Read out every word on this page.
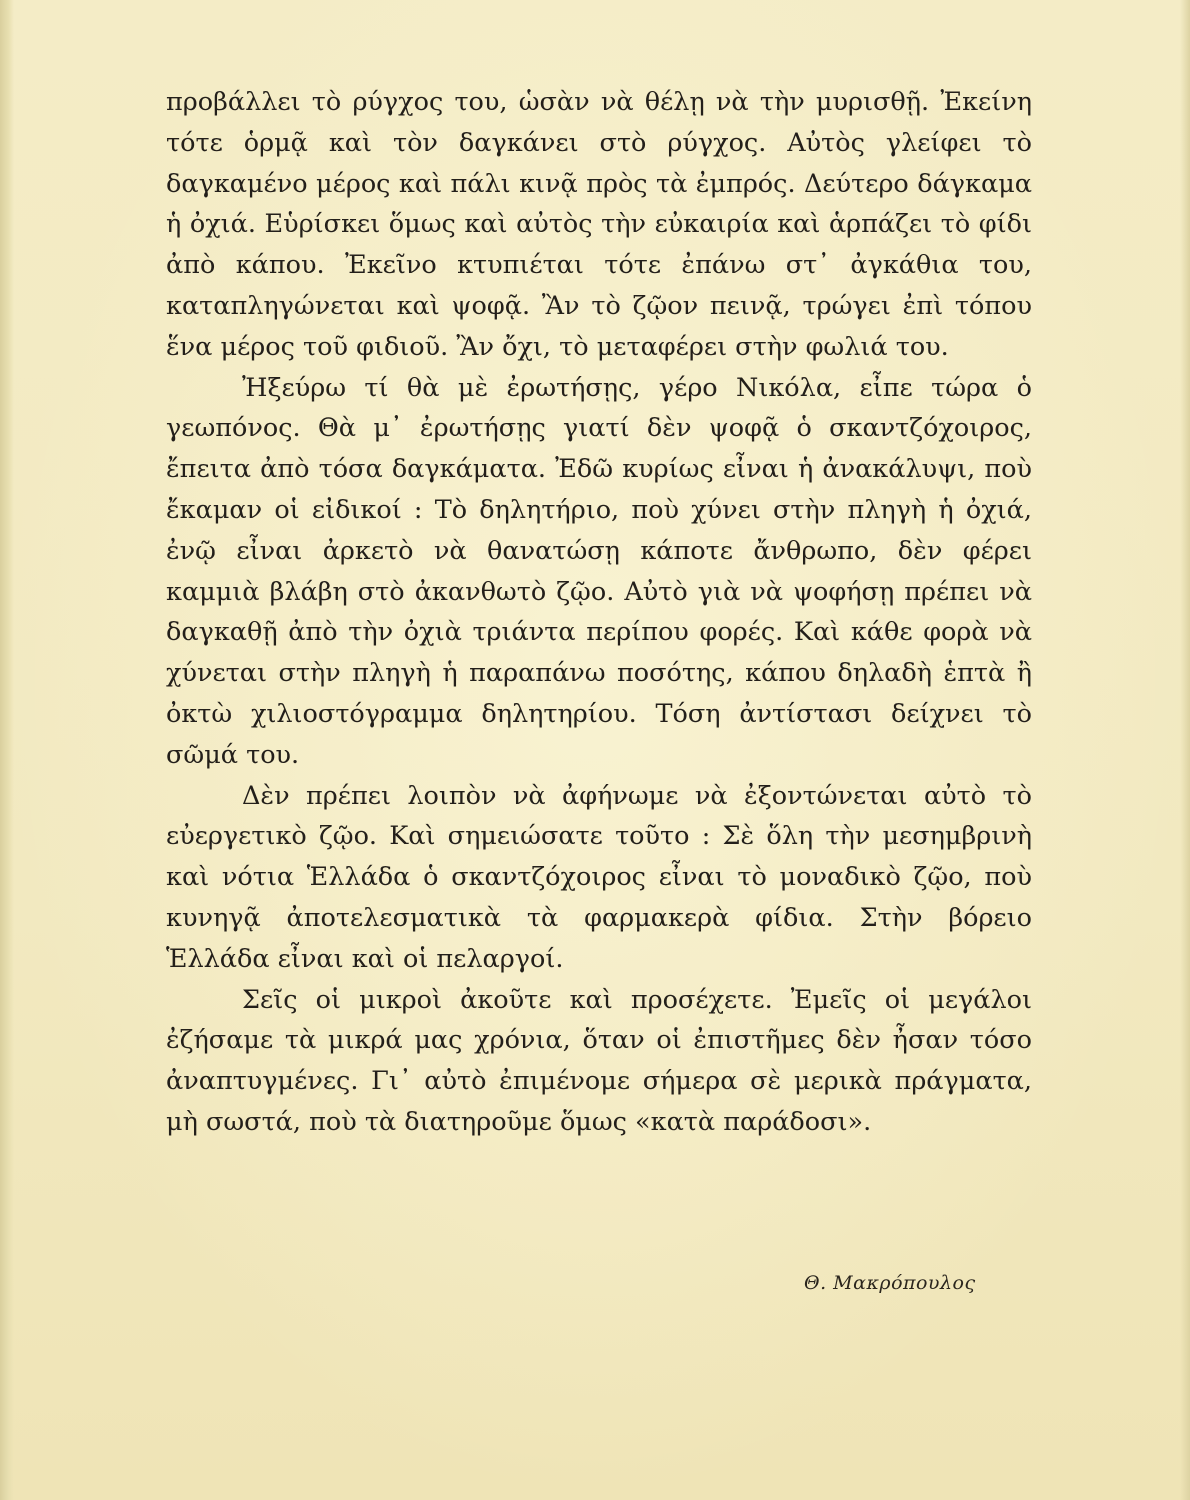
προβάλλει τὸ ρύγχος του, ὡσὰν νὰ θέλῃ νὰ τὴν μυρισθῇ. Ἐκείνη τότε ὁρμᾷ καὶ τὸν δαγκάνει στὸ ρύγχος. Αὐτὸς γλείφει τὸ δαγκαμένο μέρος καὶ πάλι κινᾷ πρὸς τὰ ἐμπρός. Δεύτερο δάγκαμα ἡ ὀχιά. Εὑρίσκει ὅμως καὶ αὐτὸς τὴν εὐκαιρία καὶ ἁρπάζει τὸ φίδι ἀπὸ κάπου. Ἐκεῖνο κτυπιέται τότε ἐπάνω στ᾽ ἀγκάθια του, καταπληγώνεται καὶ ψοφᾷ. Ἂν τὸ ζῷον πεινᾷ, τρώγει ἐπὶ τόπου ἕνα μέρος τοῦ φιδιοῦ. Ἂν ὄχι, τὸ μεταφέρει στὴν φωλιά του.

Ἠξεύρω τί θὰ μὲ ἐρωτήσῃς, γέρο Νικόλα, εἶπε τώρα ὁ γεωπόνος. Θὰ μ᾽ ἐρωτήσῃς γιατί δὲν ψοφᾷ ὁ σκαντζόχοιρος, ἔπειτα ἀπὸ τόσα δαγκάματα. Ἐδῶ κυρίως εἶναι ἡ ἀνακάλυψι, ποὺ ἔκαμαν οἱ εἰδικοί : Τὸ δηλητήριο, ποὺ χύνει στὴν πληγὴ ἡ ὀχιά, ἐνῷ εἶναι ἀρκετὸ νὰ θανατώσῃ κάποτε ἄνθρωπο, δὲν φέρει καμμιὰ βλάβη στὸ ἀκανθωτὸ ζῷο. Αὐτὸ γιὰ νὰ ψοφήσῃ πρέπει νὰ δαγκαθῇ ἀπὸ τὴν ὀχιὰ τριάντα περίπου φορές. Καὶ κάθε φορὰ νὰ χύνεται στὴν πληγὴ ἡ παραπάνω ποσότης, κάπου δηλαδὴ ἑπτὰ ἢ ὀκτὼ χιλιοστόγραμμα δηλητηρίου. Τόση ἀντίστασι δείχνει τὸ σῶμά του.

Δὲν πρέπει λοιπὸν νὰ ἀφήνωμε νὰ ἐξοντώνεται αὐτὸ τὸ εὐεργετικὸ ζῷο. Καὶ σημειώσατε τοῦτο : Σὲ ὅλη τὴν μεσημβρινὴ καὶ νότια Ἑλλάδα ὁ σκαντζόχοιρος εἶναι τὸ μοναδικὸ ζῷο, ποὺ κυνηγᾷ ἀποτελεσματικὰ τὰ φαρμακερὰ φίδια. Στὴν βόρειο Ἑλλάδα εἶναι καὶ οἱ πελαργοί.

Σεῖς οἱ μικροὶ ἀκοῦτε καὶ προσέχετε. Ἐμεῖς οἱ μεγάλοι ἐζήσαμε τὰ μικρά μας χρόνια, ὅταν οἱ ἐπιστῆμες δὲν ἦσαν τόσο ἀναπτυγμένες. Γι᾽ αὐτὸ ἐπιμένομε σήμερα σὲ μερικὰ πράγματα, μὴ σωστά, ποὺ τὰ διατηροῦμε ὅμως «κατὰ παράδοσι».

Θ. Μακρόπουλος
